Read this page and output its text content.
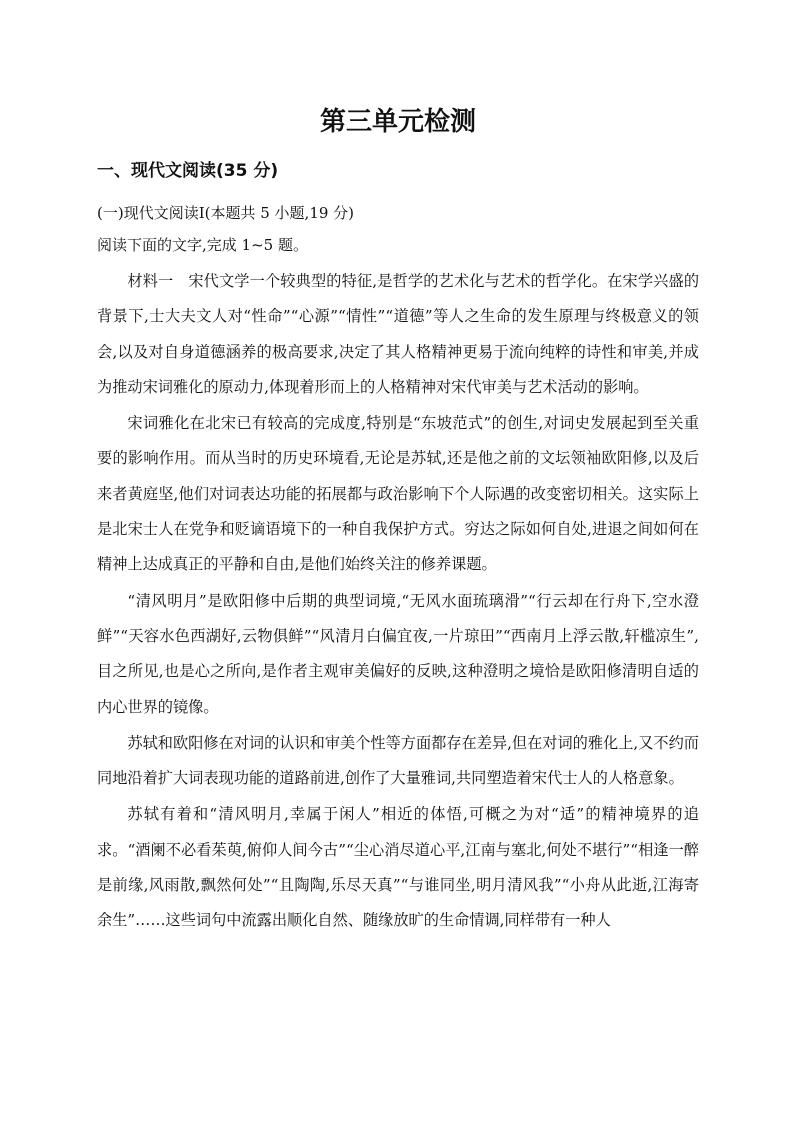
第三单元检测
一、现代文阅读(35 分)
(一)现代文阅读Ⅰ(本题共 5 小题,19 分)
阅读下面的文字,完成 1~5 题。

材料一 宋代文学一个较典型的特征,是哲学的艺术化与艺术的哲学化。在宋学兴盛的背景下,士大夫文人对“性命”“心源”“情性”“道德”等人之生命的发生原理与终极意义的领会,以及对自身道德涵养的极高要求,决定了其人格精神更易于流向纯粹的诗性和审美,并成为推动宋词雅化的原动力,体现着形而上的人格精神对宋代审美与艺术活动的影响。

宋词雅化在北宋已有较高的完成度,特别是“东坡范式”的创生,对词史发展起到至关重要的影响作用。而从当时的历史环境看,无论是苏轼,还是他之前的文坛领袖欧阳修,以及后来者黄庭坚,他们对词表达功能的拓展都与政治影响下个人际遇的改变密切相关。这实际上是北宋士人在党争和贬谪语境下的一种自我保护方式。穷达之际如何自处,进退之间如何在精神上达成真正的平静和自由,是他们始终关注的修养课题。

“清风明月”是欧阳修中后期的典型词境,“无风水面琉璃滑”“行云却在行舟下,空水澄鲜”“天容水色西湖好,云物俱鲜”“风清月白偏宜夜,一片琼田”“西南月上浮云散,轩槛凉生”,目之所见,也是心之所向,是作者主观审美偏好的反映,这种澄明之境恰是欧阳修清明自适的内心世界的镜像。

苏轼和欧阳修在对词的认识和审美个性等方面都存在差异,但在对词的雅化上,又不约而同地沿着扩大词表现功能的道路前进,创作了大量雅词,共同塑造着宋代士人的人格意象。

苏轼有着和“清风明月,幸属于闲人”相近的体悟,可概之为对“适”的精神境界的追求。“酒阑不必看茱萸,俯仰人间今古”“尘心消尽道心平,江南与塞北,何处不堪行”“相逢一醉是前缘,风雨散,飘然何处”“且陶陶,乐尽天真”“与谁同坐,明月清风我”“小舟从此逝,江海寄余生”……这些词句中流露出顺化自然、随缘放旷的生命情调,同样带有一种人
